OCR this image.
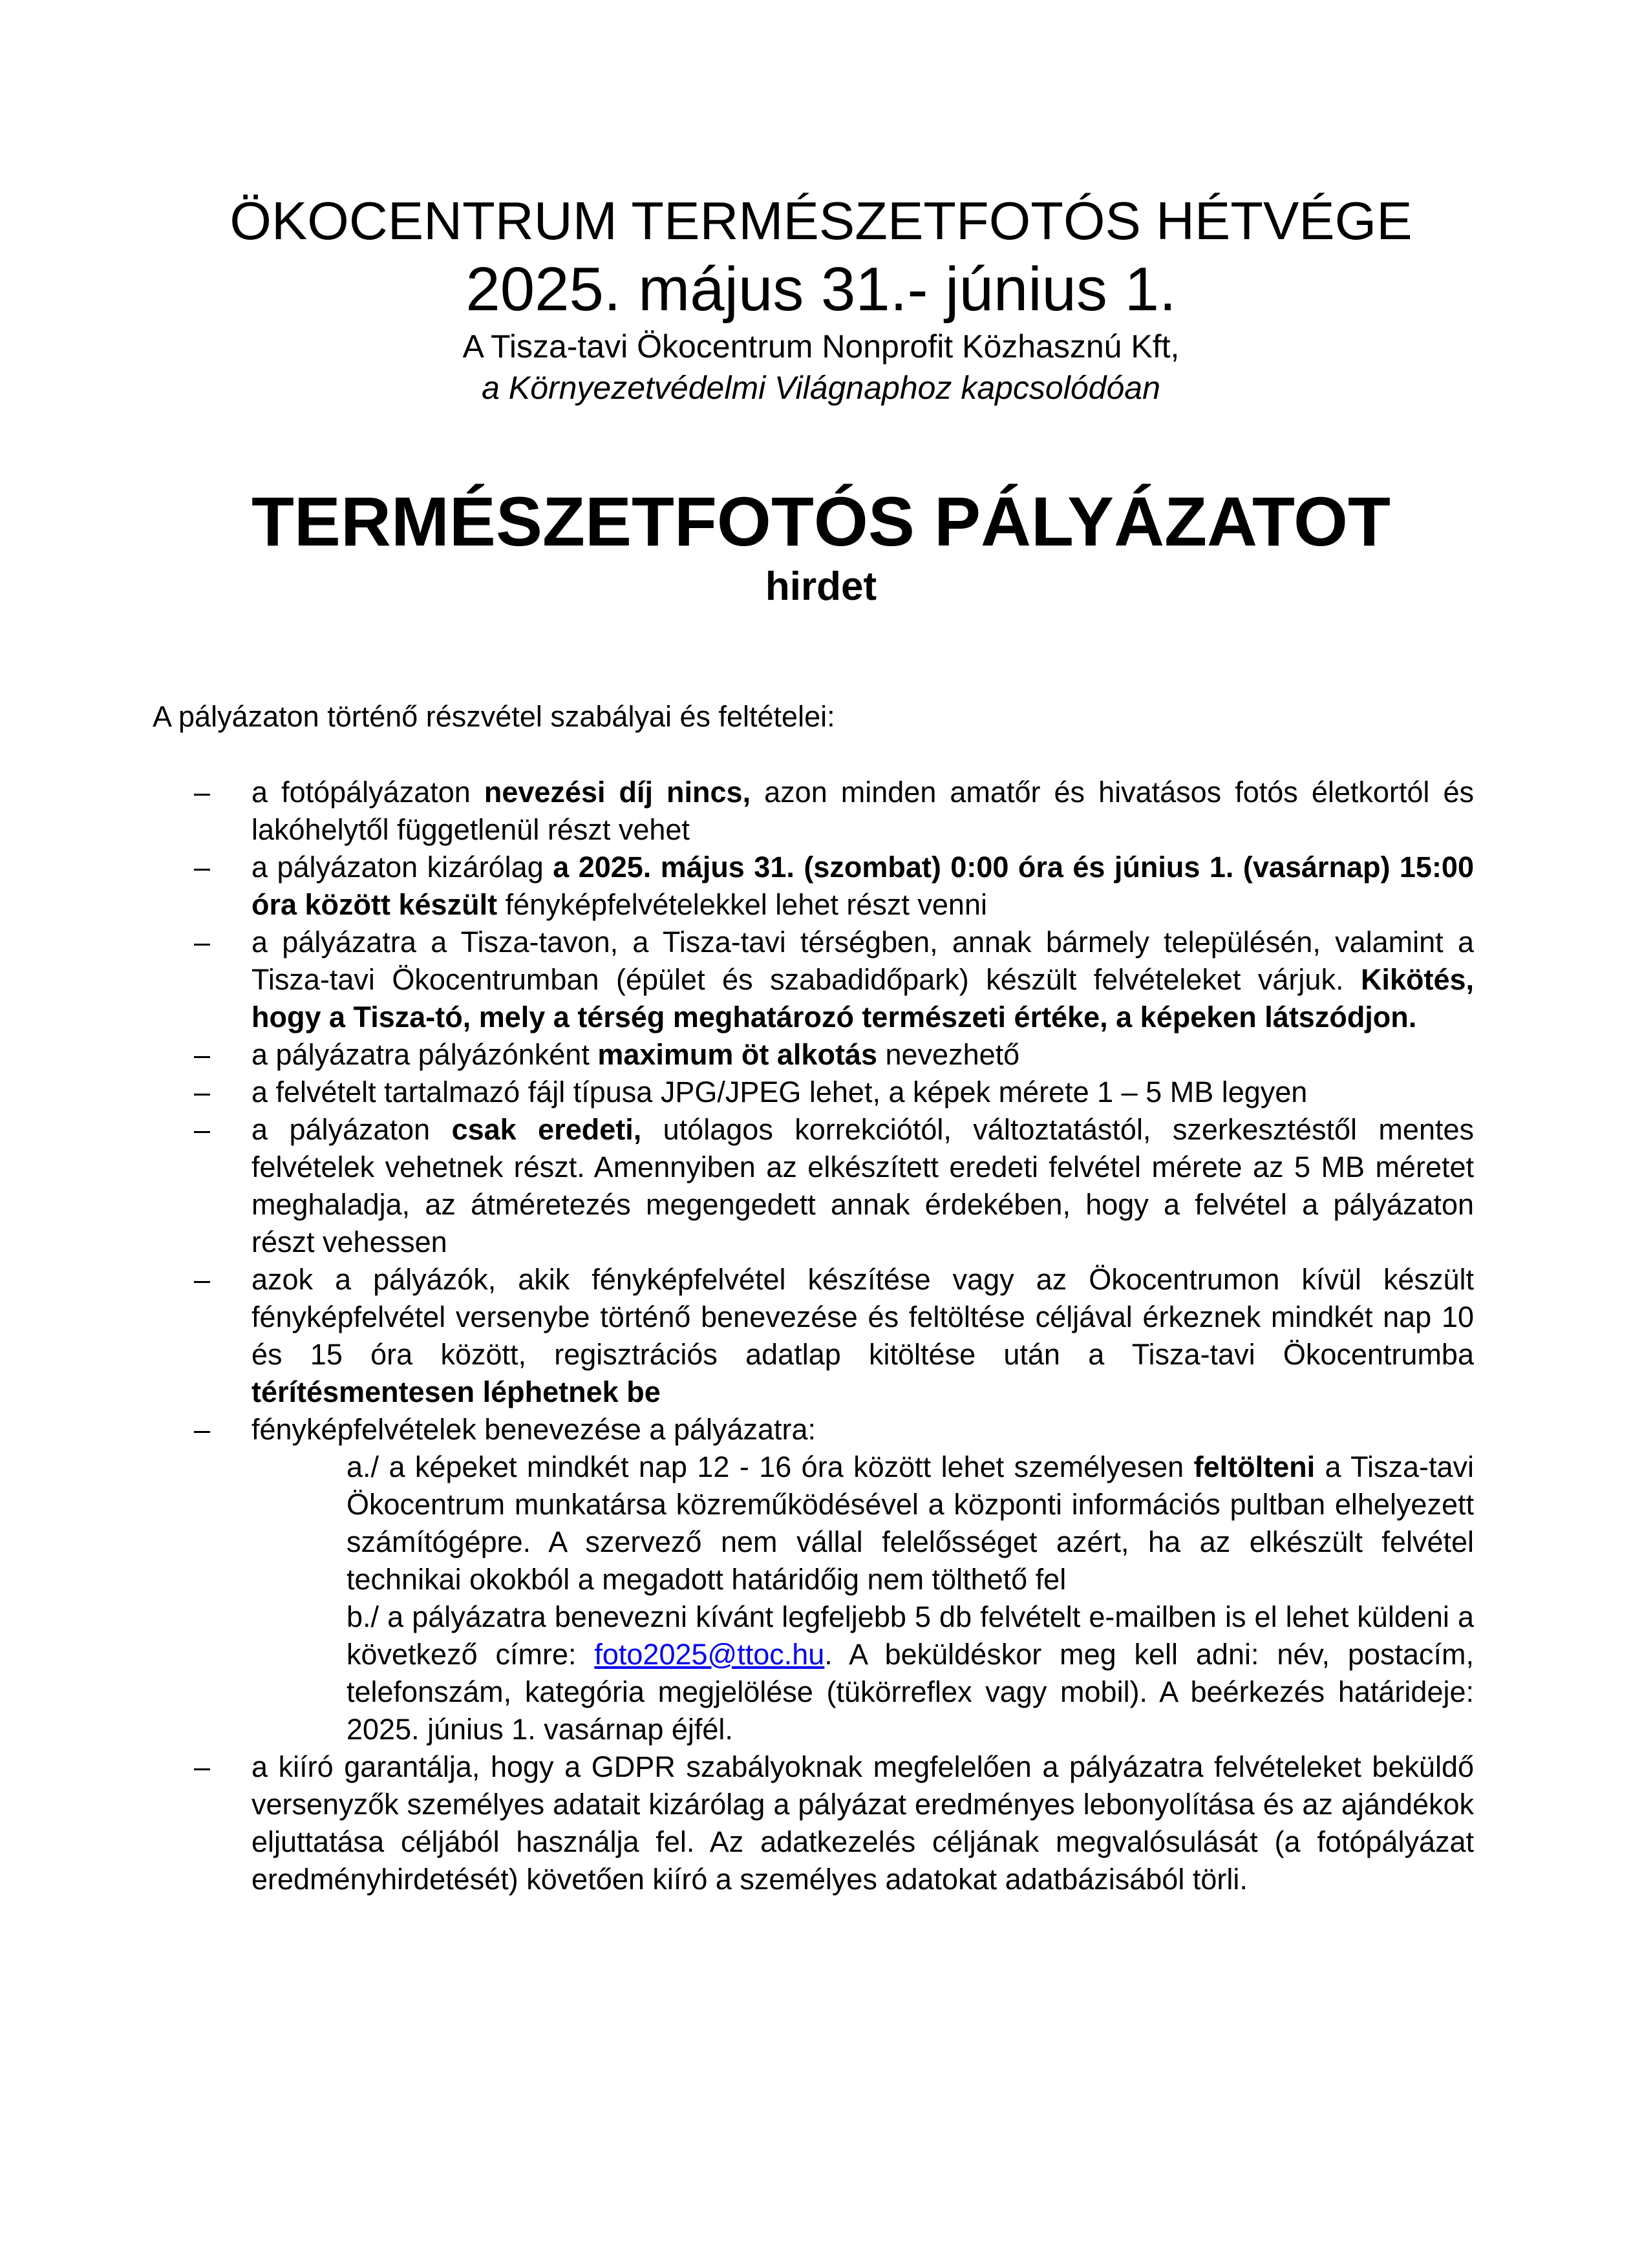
ÖKOCENTRUM TERMÉSZETFOTÓS HÉTVÉGE
2025. május 31.- június 1.
A Tisza-tavi Ökocentrum Nonprofit Közhasznú Kft,
a Környezetvédelmi Világnaphoz kapcsolódóan
TERMÉSZETFOTÓS PÁLYÁZATOT
hirdet
A pályázaton történő részvétel szabályai és feltételei:
– a fotópályázaton nevezési díj nincs, azon minden amatőr és hivatásos fotós életkortól és lakóhelytől függetlenül részt vehet
– a pályázaton kizárólag a 2025. május 31. (szombat) 0:00 óra és június 1. (vasárnap) 15:00 óra között készült fényképfelvételekkel lehet részt venni
– a pályázatra a Tisza-tavon, a Tisza-tavi térségben, annak bármely településén, valamint a Tisza-tavi Ökocentrumban (épület és szabadidőpark) készült felvételeket várjuk. Kikötés, hogy a Tisza-tó, mely a térség meghatározó természeti értéke, a képeken látszódjon.
– a pályázatra pályázónként maximum öt alkotás nevezhető
– a felvételt tartalmazó fájl típusa JPG/JPEG lehet, a képek mérete 1 – 5 MB legyen
– a pályázaton csak eredeti, utólagos korrekciótól, változtatástól, szerkesztéstől mentes felvételek vehetnek részt. Amennyiben az elkészített eredeti felvétel mérete az 5 MB méretet meghaladja, az átméretezés megengedett annak érdekében, hogy a felvétel a pályázaton részt vehessen
– azok a pályázók, akik fényképfelvétel készítése vagy az Ökocentrumon kívül készült fényképfelvétel versenybe történő benevezése és feltöltése céljával érkeznek mindkét nap 10 és 15 óra között, regisztrációs adatlap kitöltése után a Tisza-tavi Ökocentrumba térítésmentesen léphetnek be
– fényképfelvételek benevezése a pályázatra:
a./ a képeket mindkét nap 12 - 16 óra között lehet személyesen feltölteni a Tisza-tavi Ökocentrum munkatársa közreműködésével a központi információs pultban elhelyezett számítógépre. A szervező nem vállal felelősséget azért, ha az elkészült felvétel technikai okokból a megadott határidőig nem tölthető fel
b./ a pályázatra benevezni kívánt legfeljebb 5 db felvételt e-mailben is el lehet küldeni a következő címre: foto2025@ttoc.hu. A beküldéskor meg kell adni: név, postacím, telefonszám, kategória megjelölése (tükörreflex vagy mobil). A beérkezés határideje: 2025. június 1. vasárnap éjfél.
– a kiíró garantálja, hogy a GDPR szabályoknak megfelelően a pályázatra felvételeket beküldő versenyzők személyes adatait kizárólag a pályázat eredményes lebonyolítása és az ajándékok eljuttatása céljából használja fel. Az adatkezelés céljának megvalósulását (a fotópályázat eredményhirdetését) követően kiíró a személyes adatokat adatbázisából törli.
